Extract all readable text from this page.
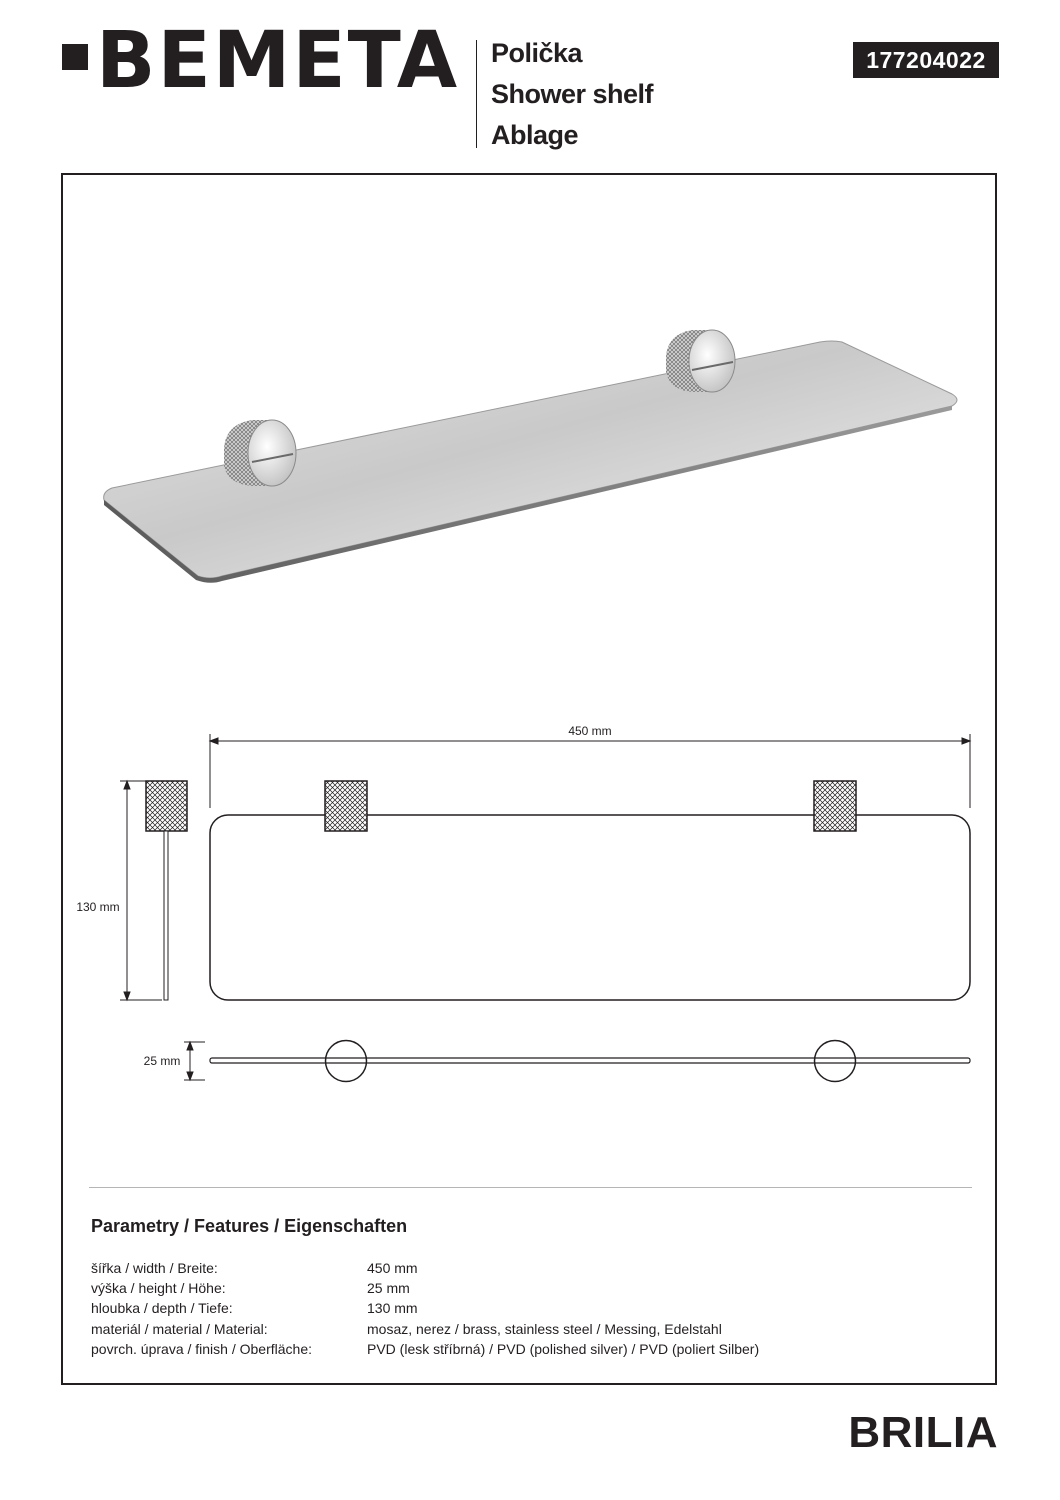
BEMETA Polička
Shower shelf
Ablage
177204022
450 mm
130 mm
25 mm
Parametry / Features / Eigenschaften
šířka / width / Breite:	450 mm
výška / height / Höhe:	25 mm
hloubka / depth / Tiefe:	130 mm
materiál / material / Material:	mosaz, nerez / brass, stainless steel / Messing, Edelstahl
povrch. úprava / finish / Oberfläche:	PVD (lesk stříbrná) / PVD (polished silver) / PVD (poliert Silber)
BRILIA
